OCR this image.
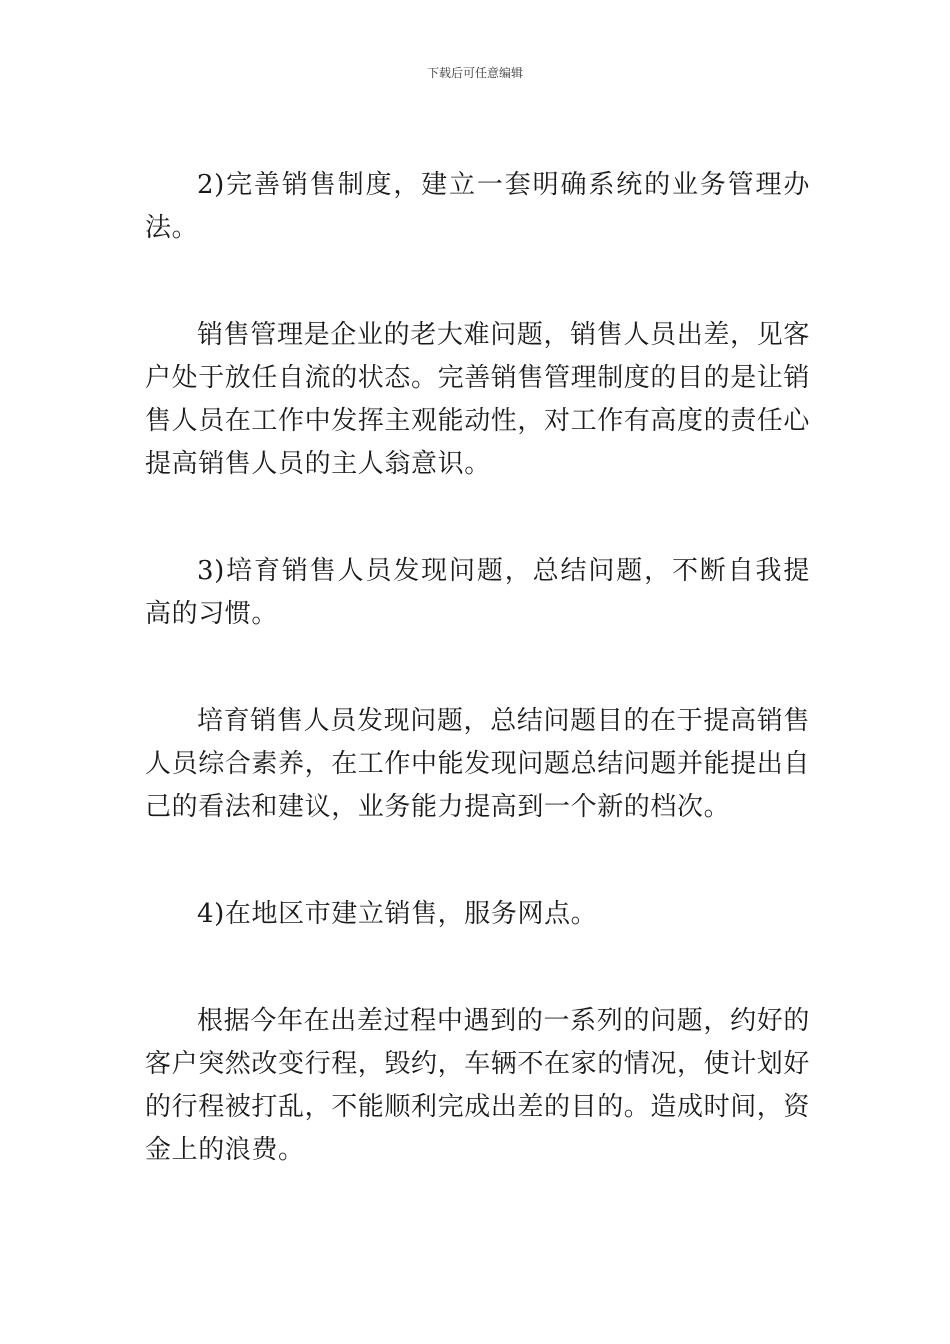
下载后可任意编辑

2)完善销售制度，建立一套明确系统的业务管理办法。

销售管理是企业的老大难问题，销售人员出差，见客户处于放任自流的状态。完善销售管理制度的目的是让销售人员在工作中发挥主观能动性，对工作有高度的责任心提高销售人员的主人翁意识。

3)培育销售人员发现问题，总结问题，不断自我提高的习惯。

培育销售人员发现问题，总结问题目的在于提高销售人员综合素养，在工作中能发现问题总结问题并能提出自己的看法和建议，业务能力提高到一个新的档次。

4)在地区市建立销售，服务网点。

根据今年在出差过程中遇到的一系列的问题，约好的客户突然改变行程，毁约，车辆不在家的情况，使计划好的行程被打乱，不能顺利完成出差的目的。造成时间，资金上的浪费。
